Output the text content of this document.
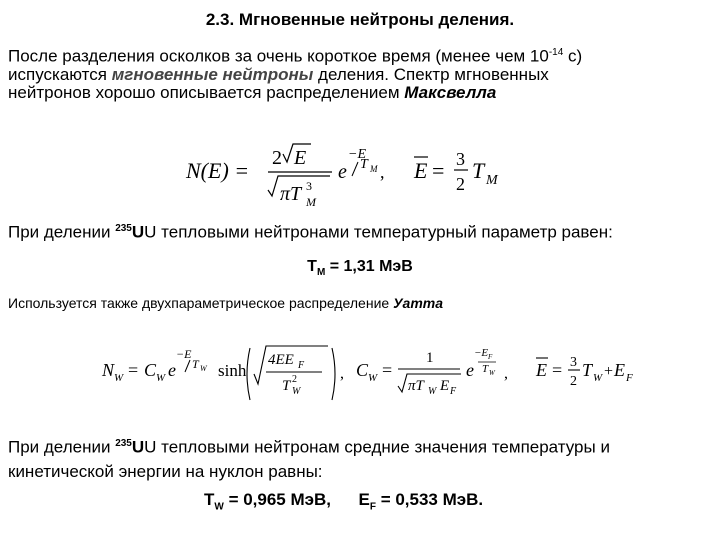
2.3. Мгновенные нейтроны деления.
После разделения осколков за очень короткое время (менее чем $10^{-14}$ с)
испускаются мгновенные нейтроны деления. Спектр мгновенных
нейтронов хорошо описывается распределением Максвелла
N(E) = 2 E
πT 3
M
e
−E
T M , E = 3
2
T M
При делении $^{235}$UU тепловыми нейтронами температурный параметр равен:
$T_M = 1,31$ МэВ
Используется также двухпараметрическое распределение Уатта
N W = C W e
−E
T W sinh
4EE F
T 2
W
, C W =
1
πT W E F
e
−E F
T W , E = 3
2
T W + E F
При делении $^{235}$UU тепловыми нейтронам средние значения температуры и
кинетической энергии на нуклон равны:
$T_W = 0,965$ МэВ, $E_F = 0,533$ МэВ.
